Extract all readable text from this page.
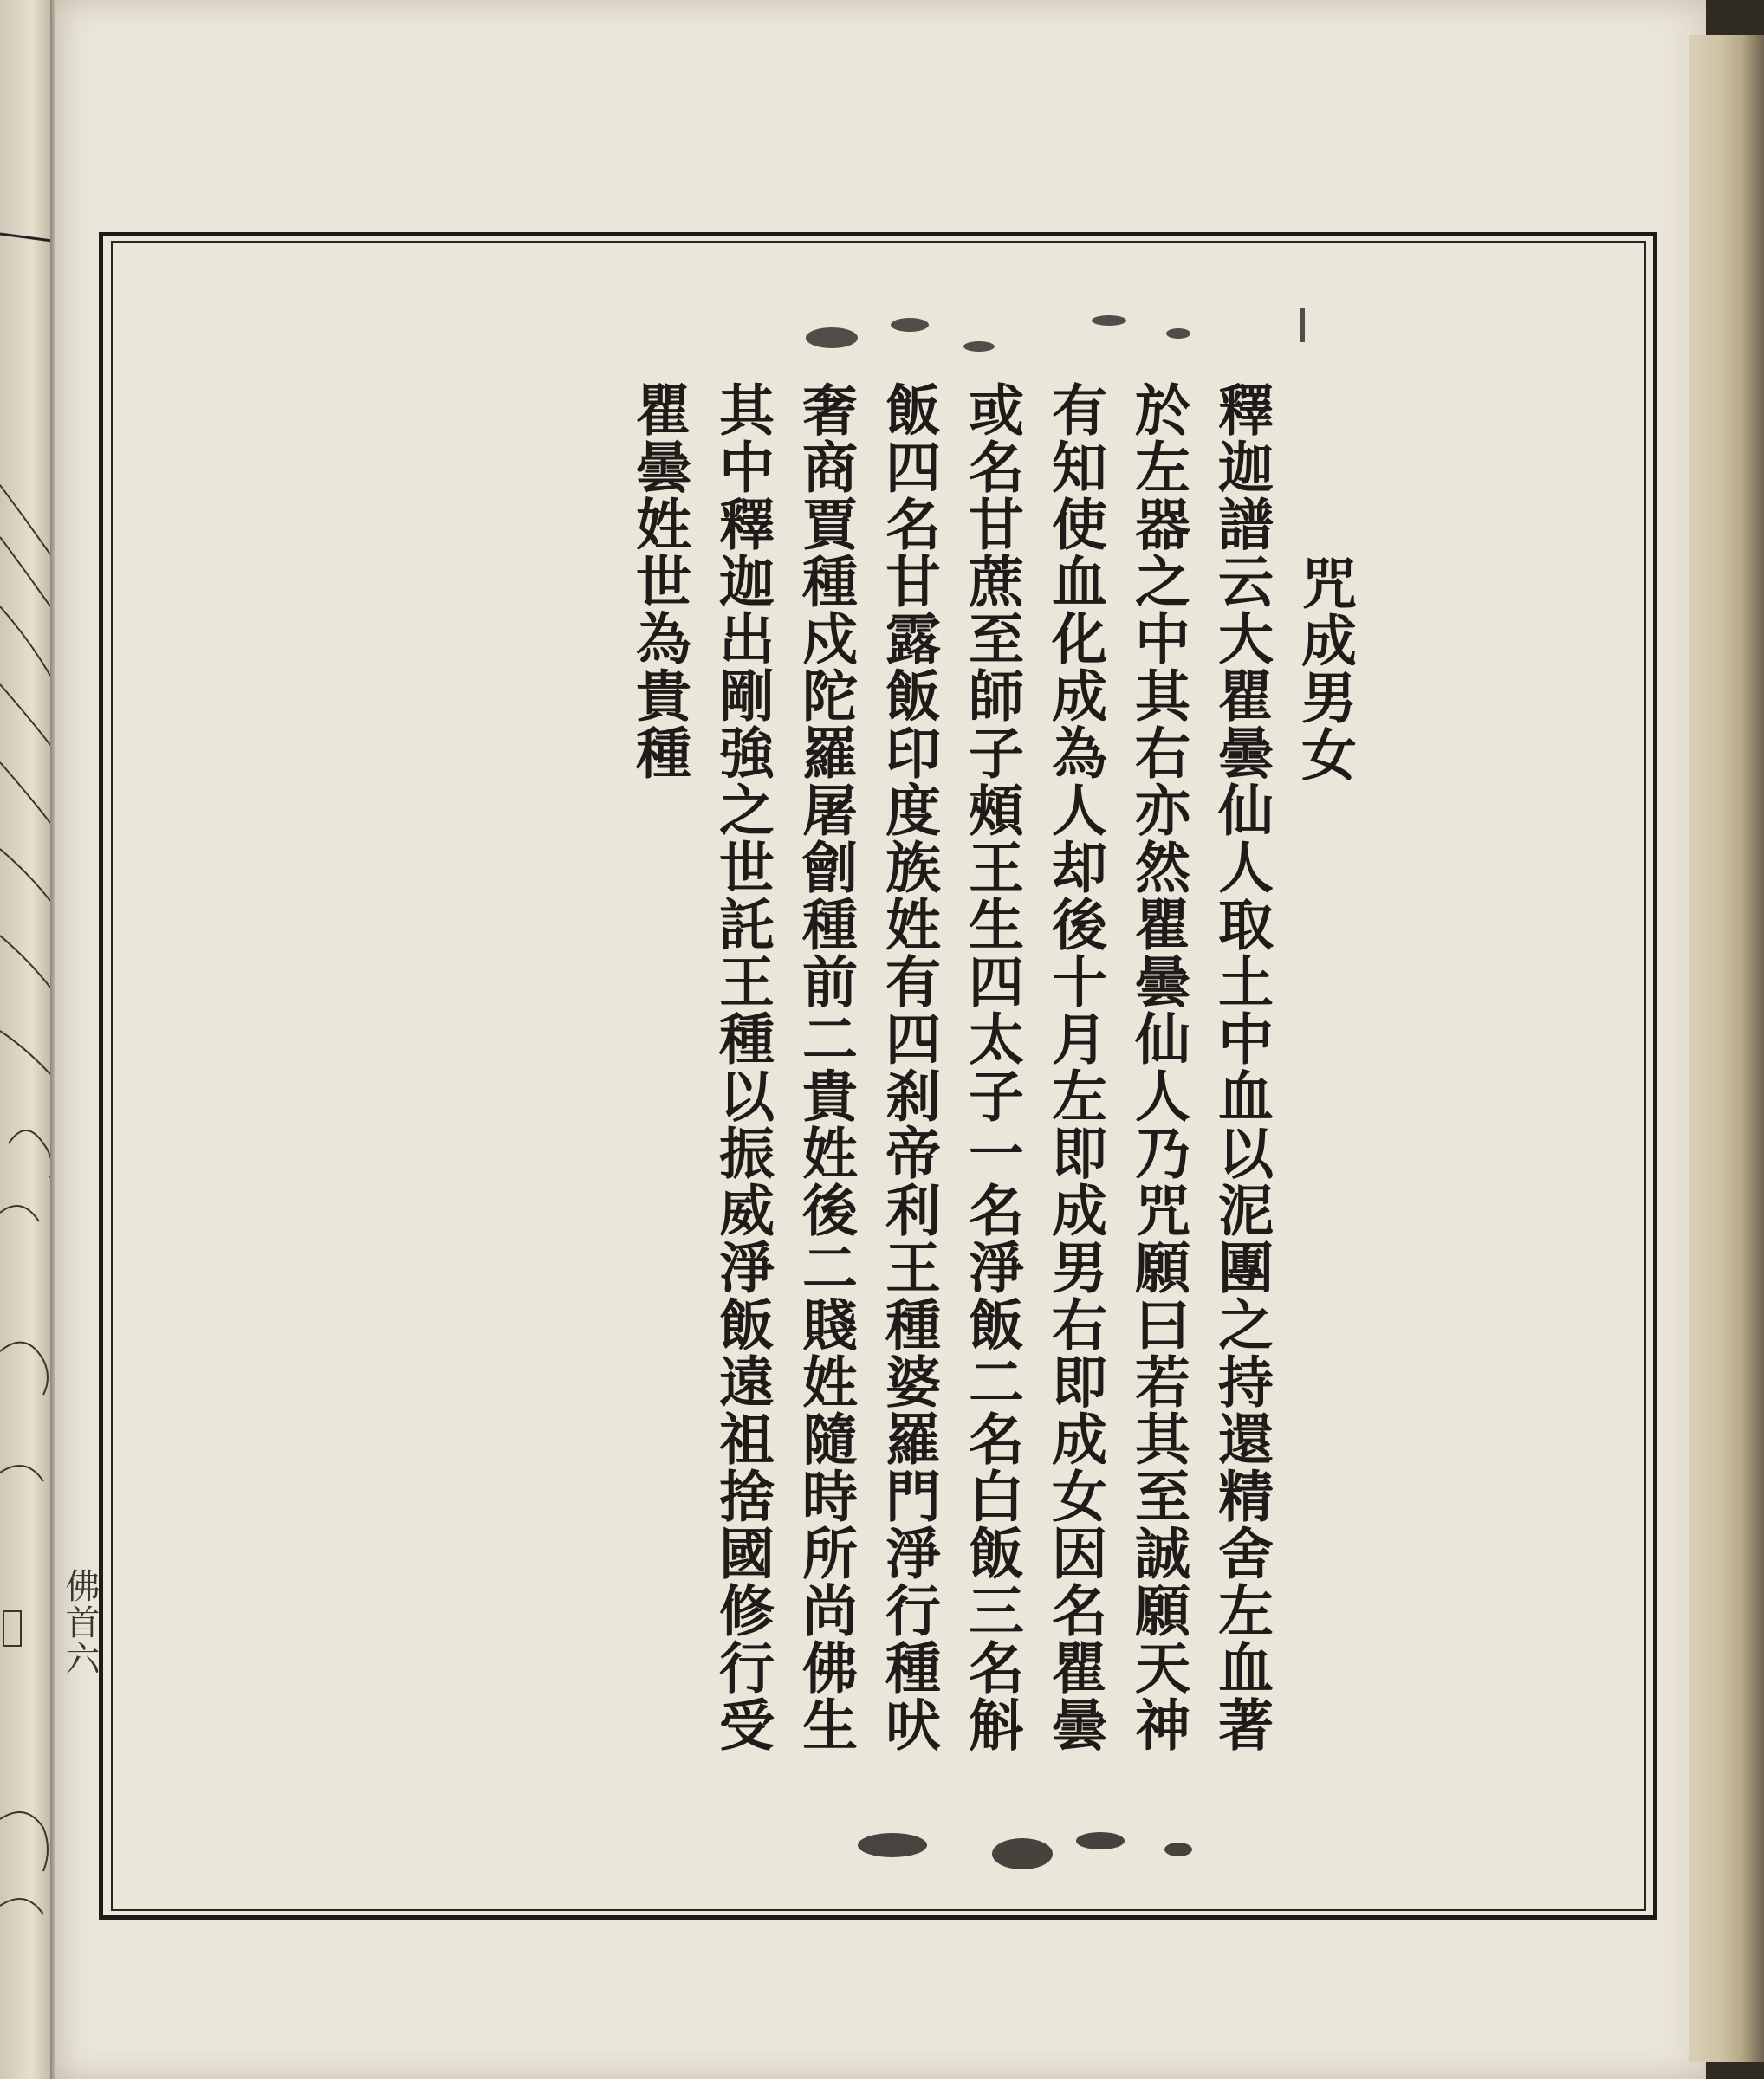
咒成男女
釋迦譜云大瞿曇仙人取土中血以泥團之持還精舍左血著
於左器之中其右亦然瞿曇仙人乃咒願曰若其至誠願天神
有知使血化成為人却後十月左即成男右即成女因名瞿曇
或名甘蔗至師子頰王生四太子一名淨飯二名白飯三名斛
飯四名甘露飯印度族姓有四刹帝利王種婆羅門淨行種吠
奢商賈種戍陀羅屠劊種前二貴姓後二賤姓隨時所尚佛生
其中釋迦出剛強之世託王種以振威淨飯遠祖捨國修行受
瞿曇姓世為貴種
佛首六
